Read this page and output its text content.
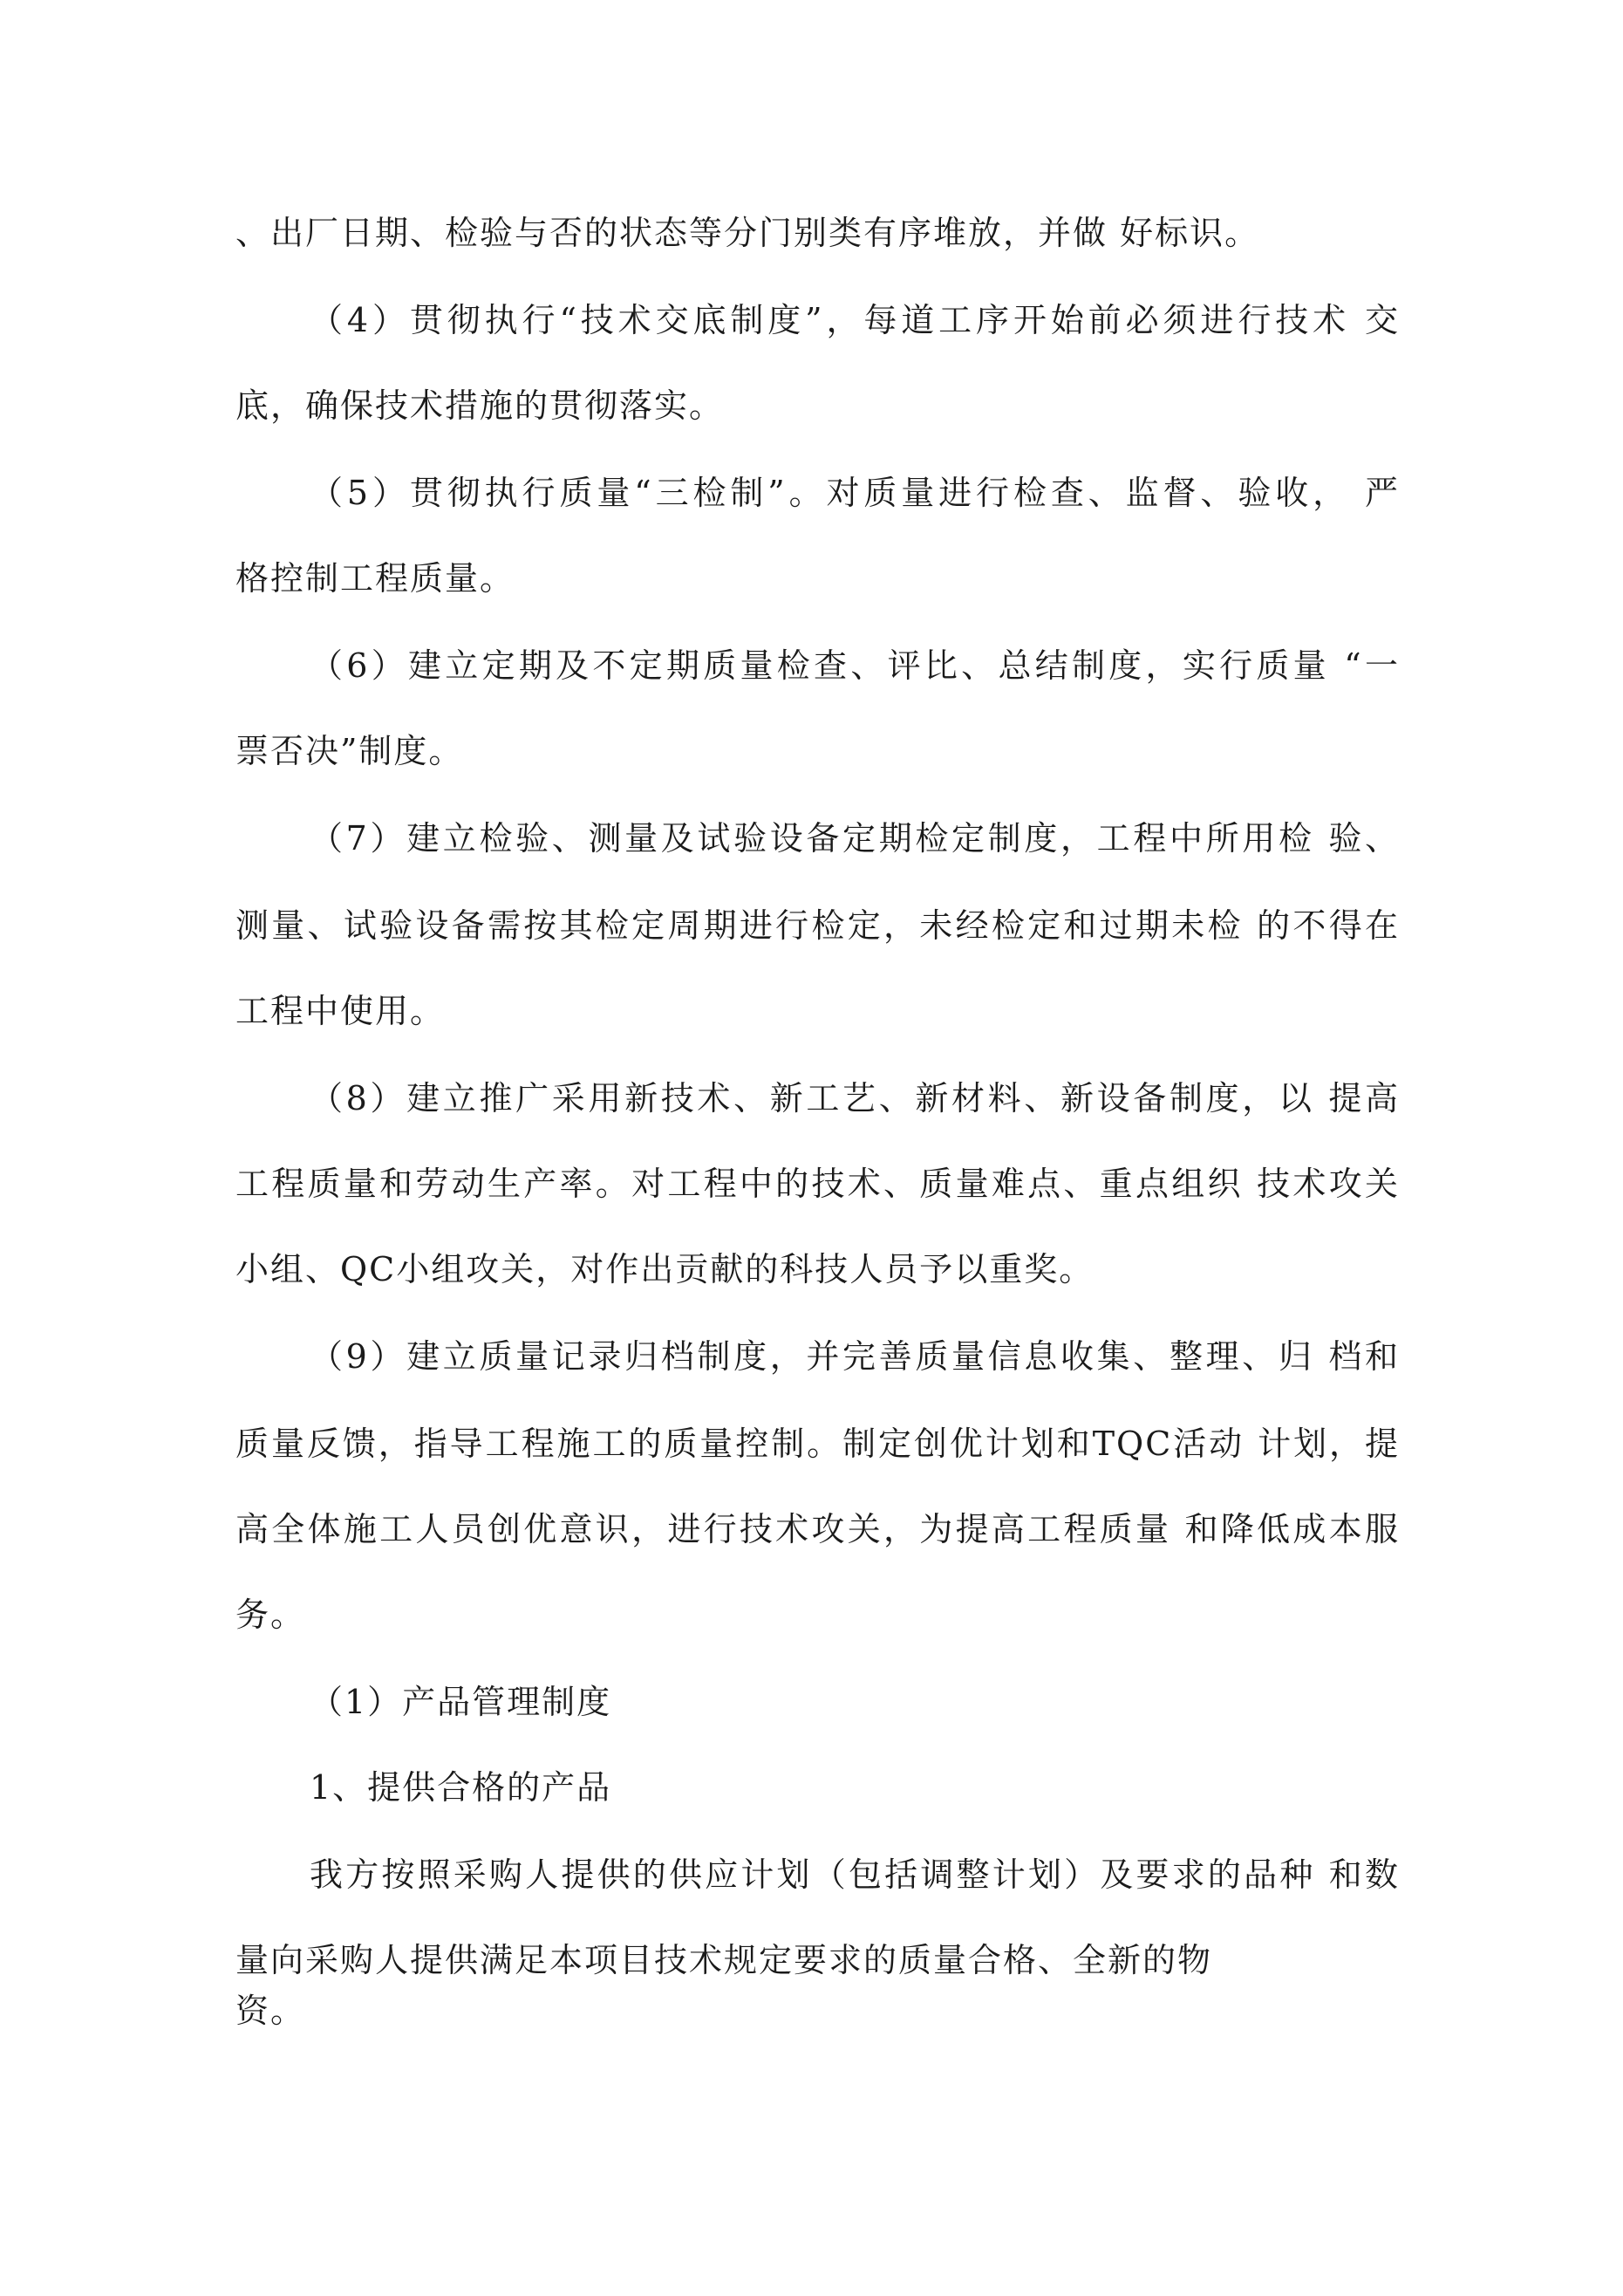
、出厂日期、检验与否的状态等分门别类有序堆放，并做 好标识。
（4）贯彻执行“技术交底制度”，每道工序开始前必须进行技术 交
底，确保技术措施的贯彻落实。
（5）贯彻执行质量“三检制”。对质量进行检查、监督、验收， 严
格控制工程质量。
（6）建立定期及不定期质量检查、评比、总结制度，实行质量 “一
票否决”制度。
（7）建立检验、测量及试验设备定期检定制度，工程中所用检 验、
测量、试验设备需按其检定周期进行检定，未经检定和过期未检 的不得在
工程中使用。
（8）建立推广采用新技术、新工艺、新材料、新设备制度，以 提高
工程质量和劳动生产率。对工程中的技术、质量难点、重点组织 技术攻关
小组、QC小组攻关，对作出贡献的科技人员予以重奖。
（9）建立质量记录归档制度，并完善质量信息收集、整理、归 档和
质量反馈，指导工程施工的质量控制。制定创优计划和TQC活动 计划，提
高全体施工人员创优意识，进行技术攻关，为提高工程质量 和降低成本服
务。
（1）产品管理制度
1、提供合格的产品
我方按照采购人提供的供应计划（包括调整计划）及要求的品种 和数
量向采购人提供满足本项目技术规定要求的质量合格、全新的物
资。
